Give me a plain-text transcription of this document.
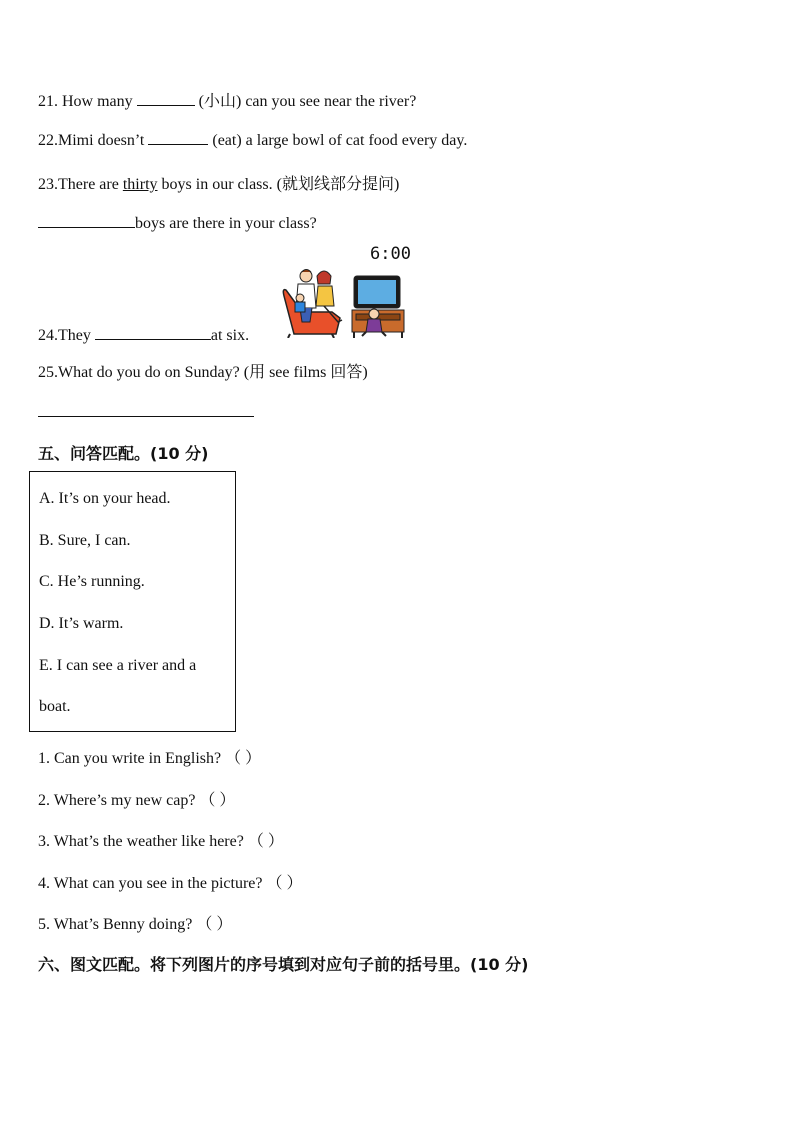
21. How many	(小山) can you see near the river?
22.Mimi doesn’t	(eat) a large bowl of cat food every day.
23.There are thirty boys in our class. (就划线部分提问)
boys are there in your class?
6:00
24.They	at six.
25.What do you do on Sunday? (用 see films 回答)
五、问答匹配。(10 分)
A. It’s on your head.
B. Sure, I can.
C. He’s running.
D. It’s warm.
E. I can see a river and a
boat.
1. Can you write in English? （ ）
2. Where’s my new cap? （ ）
3. What’s the weather like here? （ ）
4. What can you see in the picture? （ ）
5. What’s Benny doing? （ ）
六、图文匹配。将下列图片的序号填到对应句子前的括号里。(10 分)
